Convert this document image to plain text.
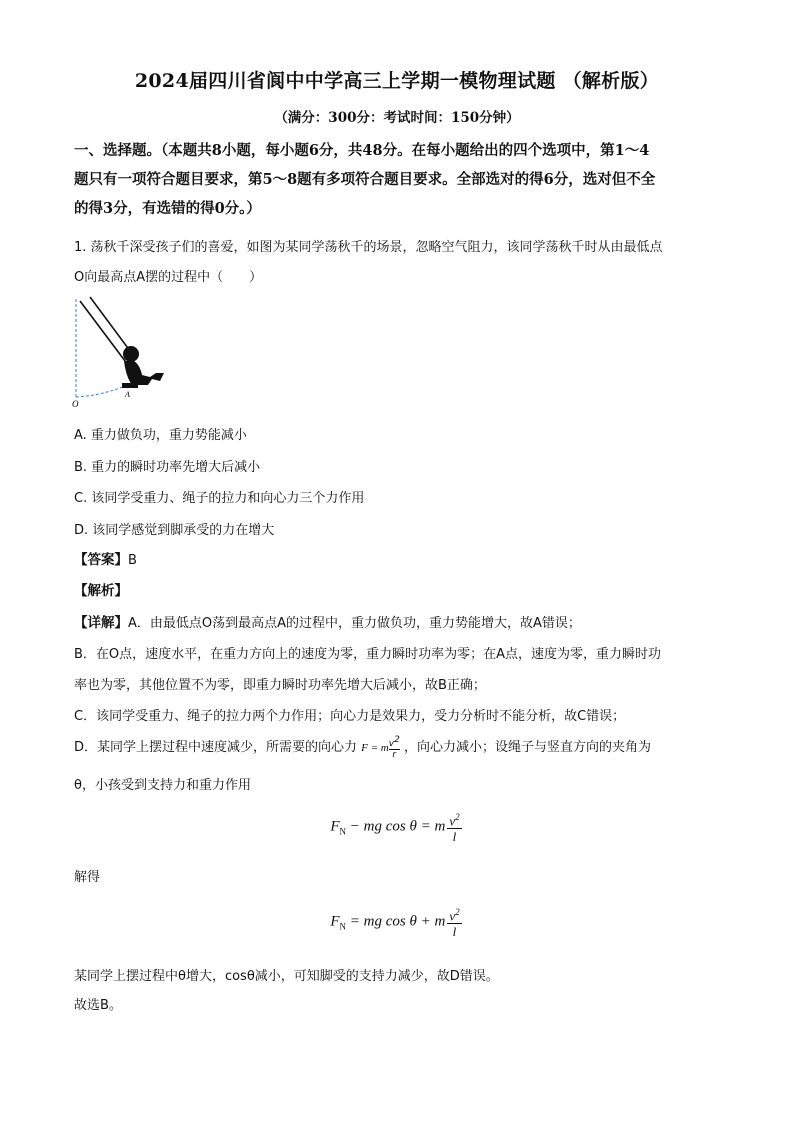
2024届四川省阆中中学高三上学期一模物理试题 （解析版）
（满分：300分：考试时间：150分钟）
一、选择题。（本题共8小题，每小题6分，共48分。在每小题给出的四个选项中，第1～4
题只有一项符合题目要求，第5～8题有多项符合题目要求。全部选对的得6分，选对但不全
的得3分，有选错的得0分。）
1. 荡秋千深受孩子们的喜爱，如图为某同学荡秋千的场景，忽略空气阻力，该同学荡秋千时从由最低点
O向最高点A摆的过程中（　　）
O
A
A. 重力做负功，重力势能减小
B. 重力的瞬时功率先增大后减小
C. 该同学受重力、绳子的拉力和向心力三个力作用
D. 该同学感觉到脚承受的力在增大
【答案】B
【解析】
【详解】A．由最低点O荡到最高点A的过程中，重力做负功，重力势能增大，故A错误；
B．在O点，速度水平，在重力方向上的速度为零，重力瞬时功率为零；在A点，速度为零，重力瞬时功
率也为零，其他位置不为零，即重力瞬时功率先增大后减小，故B正确；
C．该同学受重力、绳子的拉力两个力作用；向心力是效果力，受力分析时不能分析，故C错误；
D．某同学上摆过程中速度减少，所需要的向心力 F = m $\frac{v^2}{r}$ ，向心力减小；设绳子与竖直方向的夹角为
θ，小孩受到支持力和重力作用
$F_N$ − mg cos θ = m $\frac{v^2}{l}$
解得
$F_N$ = mg cos θ + m $\frac{v^2}{l}$
某同学上摆过程中θ增大，cosθ减小，可知脚受的支持力减少，故D错误。
故选B。
